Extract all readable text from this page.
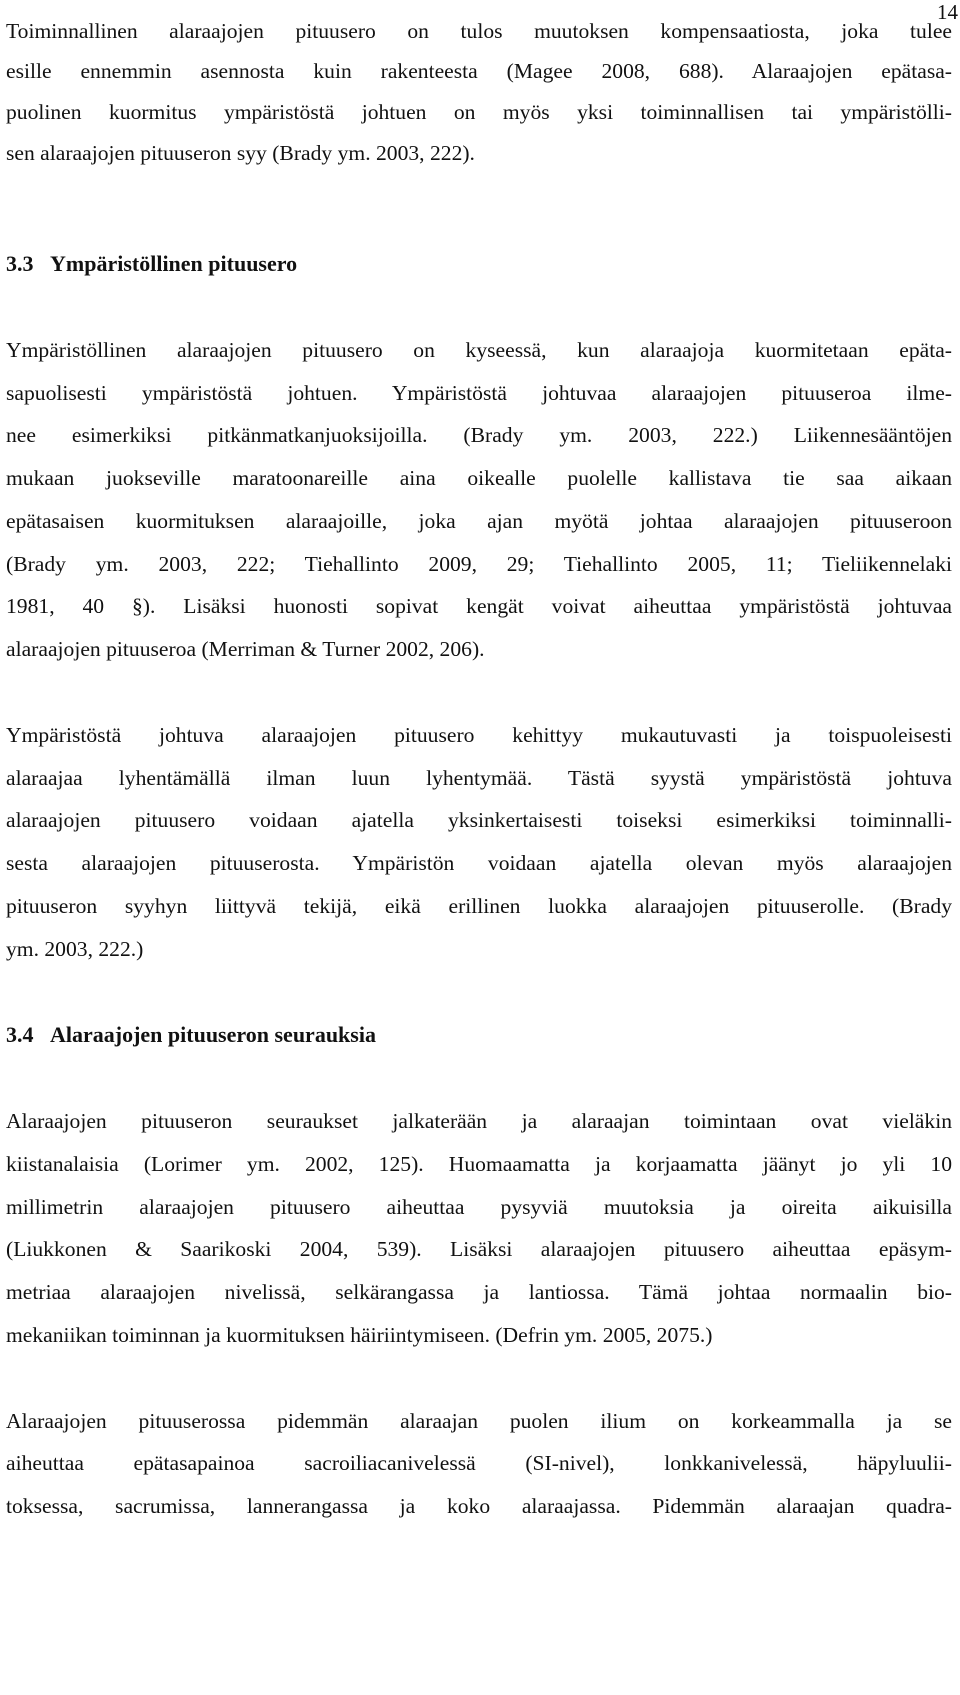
14
Toiminnallinen alaraajojen pituusero on tulos muutoksen kompensaatiosta, joka tulee
esille ennemmin asennosta kuin rakenteesta (Magee 2008, 688). Alaraajojen epätasa-
puolinen kuormitus ympäristöstä johtuen on myös yksi toiminnallisen tai ympäristölli-
sen alaraajojen pituuseron syy (Brady ym. 2003, 222).
3.3 Ympäristöllinen pituusero
Ympäristöllinen alaraajojen pituusero on kyseessä, kun alaraajoja kuormitetaan epäta-
sapuolisesti ympäristöstä johtuen. Ympäristöstä johtuvaa alaraajojen pituuseroa ilme-
nee esimerkiksi pitkänmatkanjuoksijoilla. (Brady ym. 2003, 222.) Liikennesääntöjen
mukaan juokseville maratoonareille aina oikealle puolelle kallistava tie saa aikaan
epätasaisen kuormituksen alaraajoille, joka ajan myötä johtaa alaraajojen pituuseroon
(Brady ym. 2003, 222; Tiehallinto 2009, 29; Tiehallinto 2005, 11; Tieliikennelaki
1981, 40 §). Lisäksi huonosti sopivat kengät voivat aiheuttaa ympäristöstä johtuvaa
alaraajojen pituuseroa (Merriman & Turner 2002, 206).
Ympäristöstä johtuva alaraajojen pituusero kehittyy mukautuvasti ja toispuoleisesti
alaraajaa lyhentämällä ilman luun lyhentymää. Tästä syystä ympäristöstä johtuva
alaraajojen pituusero voidaan ajatella yksinkertaisesti toiseksi esimerkiksi toiminnalli-
sesta alaraajojen pituuserosta. Ympäristön voidaan ajatella olevan myös alaraajojen
pituuseron syyhyn liittyvä tekijä, eikä erillinen luokka alaraajojen pituuserolle. (Brady
ym. 2003, 222.)
3.4 Alaraajojen pituuseron seurauksia
Alaraajojen pituuseron seuraukset jalkaterään ja alaraajan toimintaan ovat vieläkin
kiistanalaisia (Lorimer ym. 2002, 125). Huomaamatta ja korjaamatta jäänyt jo yli 10
millimetrin alaraajojen pituusero aiheuttaa pysyviä muutoksia ja oireita aikuisilla
(Liukkonen & Saarikoski 2004, 539). Lisäksi alaraajojen pituusero aiheuttaa epäsym-
metriaa alaraajojen nivelissä, selkärangassa ja lantiossa. Tämä johtaa normaalin bio-
mekaniikan toiminnan ja kuormituksen häiriintymiseen. (Defrin ym. 2005, 2075.)
Alaraajojen pituuserossa pidemmän alaraajan puolen ilium on korkeammalla ja se
aiheuttaa epätasapainoa sacroiliacanivelessä (SI-nivel), lonkkanivelessä, häpyluulii-
toksessa, sacrumissa, lannerangassa ja koko alaraajassa. Pidemmän alaraajan quadra-
